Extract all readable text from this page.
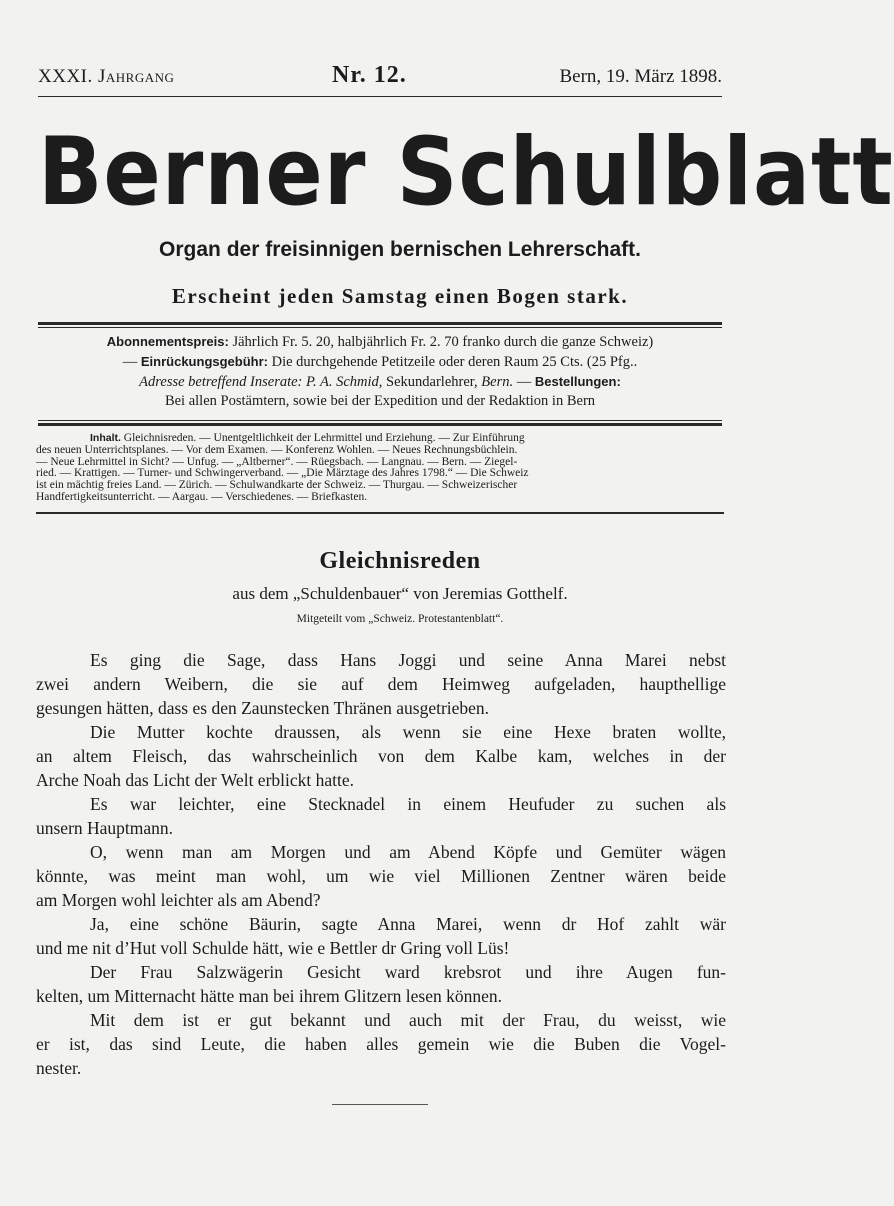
XXXI. Jahrgang	Nr. 12.	Bern, 19. März 1898.
Berner Schulblatt
Organ der freisinnigen bernischen Lehrerschaft.
Erscheint jeden Samstag einen Bogen stark.
Abonnementspreis: Jährlich Fr. 5. 20, halbjährlich Fr. 2. 70 franko durch die ganze Schweiz)
— Einrückungsgebühr: Die durchgehende Petitzeile oder deren Raum 25 Cts. (25 Pfg..
Adresse betreffend Inserate: P. A. Schmid, Sekundarlehrer, Bern. — Bestellungen:
Bei allen Postämtern, sowie bei der Expedition und der Redaktion in Bern
Inhalt. Gleichnisreden. — Unentgeltlichkeit der Lehrmittel und Erziehung. — Zur Einführung
des neuen Unterrichtsplanes. — Vor dem Examen. — Konferenz Wohlen. — Neues Rechnungsbüchlein.
— Neue Lehrmittel in Sicht? — Unfug. — „Altberner“. — Rüegsbach. — Langnau. — Bern. — Ziegel-
ried. — Krattigen. — Turner- und Schwingerverband. — „Die Märztage des Jahres 1798.“ — Die Schweiz
ist ein mächtig freies Land. — Zürich. — Schulwandkarte der Schweiz. — Thurgau. — Schweizerischer
Handfertigkeitsunterricht. — Aargau. — Verschiedenes. — Briefkasten.
Gleichnisreden
aus dem „Schuldenbauer“ von Jeremias Gotthelf.
Mitgeteilt vom „Schweiz. Protestantenblatt“.
Es ging die Sage, dass Hans Joggi und seine Anna Marei nebst
zwei andern Weibern, die sie auf dem Heimweg aufgeladen, haupthellige
gesungen hätten, dass es den Zaunstecken Thränen ausgetrieben.
Die Mutter kochte draussen, als wenn sie eine Hexe braten wollte,
an altem Fleisch, das wahrscheinlich von dem Kalbe kam, welches in der
Arche Noah das Licht der Welt erblickt hatte.
Es war leichter, eine Stecknadel in einem Heufuder zu suchen als
unsern Hauptmann.
O, wenn man am Morgen und am Abend Köpfe und Gemüter wägen
könnte, was meint man wohl, um wie viel Millionen Zentner wären beide
am Morgen wohl leichter als am Abend?
Ja, eine schöne Bäurin, sagte Anna Marei, wenn dr Hof zahlt wär
und me nit d’Hut voll Schulde hätt, wie e Bettler dr Gring voll Lüs!
Der Frau Salzwägerin Gesicht ward krebsrot und ihre Augen fun-
kelten, um Mitternacht hätte man bei ihrem Glitzern lesen können.
Mit dem ist er gut bekannt und auch mit der Frau, du weisst, wie
er ist, das sind Leute, die haben alles gemein wie die Buben die Vogel-
nester.
